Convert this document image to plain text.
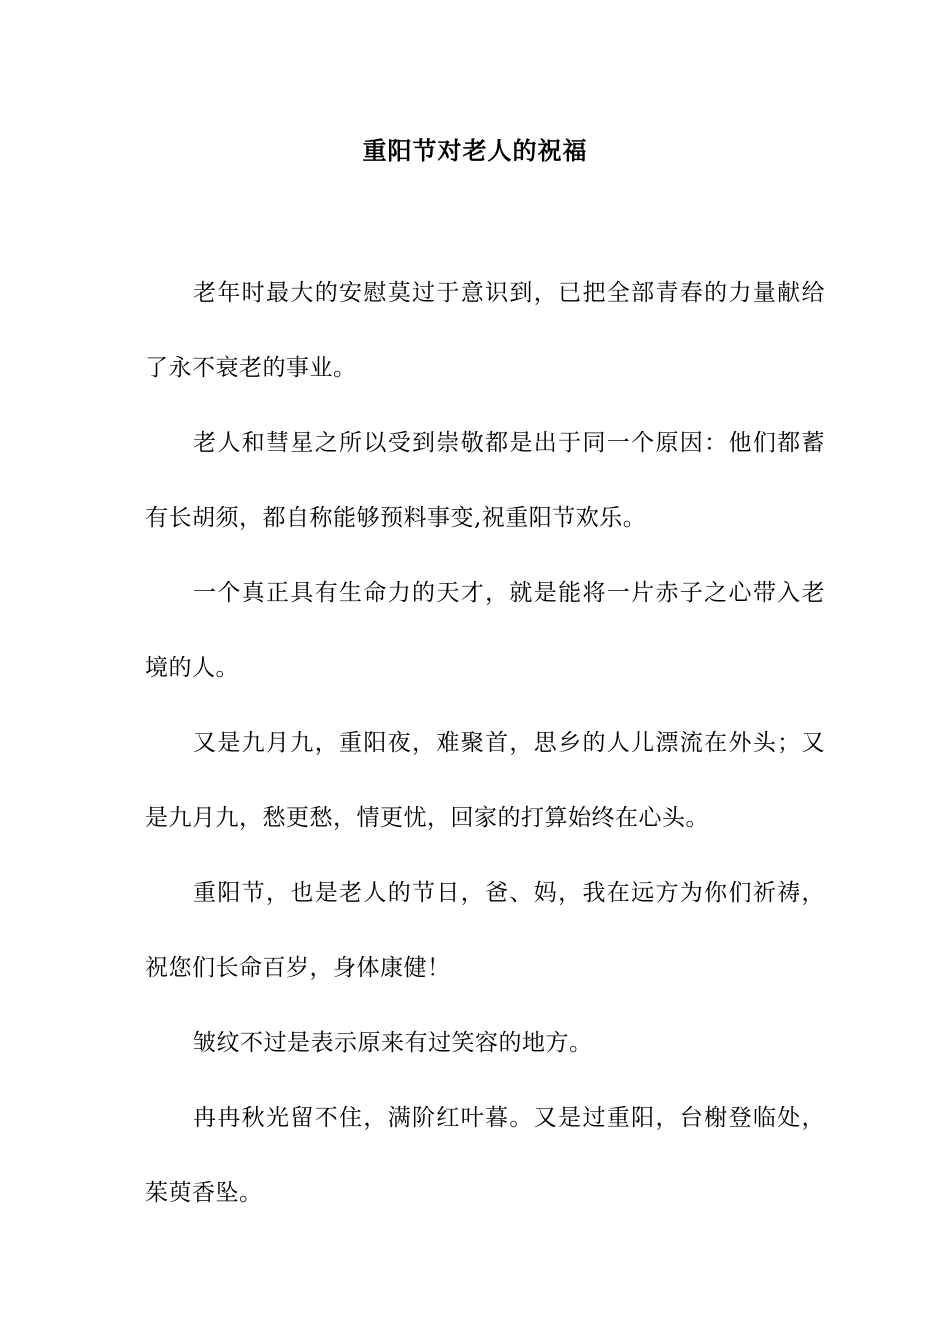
重阳节对老人的祝福

老年时最大的安慰莫过于意识到，已把全部青春的力量献给了永不衰老的事业。

老人和彗星之所以受到崇敬都是出于同一个原因：他们都蓄有长胡须，都自称能够预料事变,祝重阳节欢乐。

一个真正具有生命力的天才，就是能将一片赤子之心带入老境的人。

又是九月九，重阳夜，难聚首，思乡的人儿漂流在外头；又是九月九，愁更愁，情更忧，回家的打算始终在心头。

重阳节，也是老人的节日，爸、妈，我在远方为你们祈祷，祝您们长命百岁，身体康健！

皱纹不过是表示原来有过笑容的地方。

冉冉秋光留不住，满阶红叶暮。又是过重阳，台榭登临处，茱萸香坠。
